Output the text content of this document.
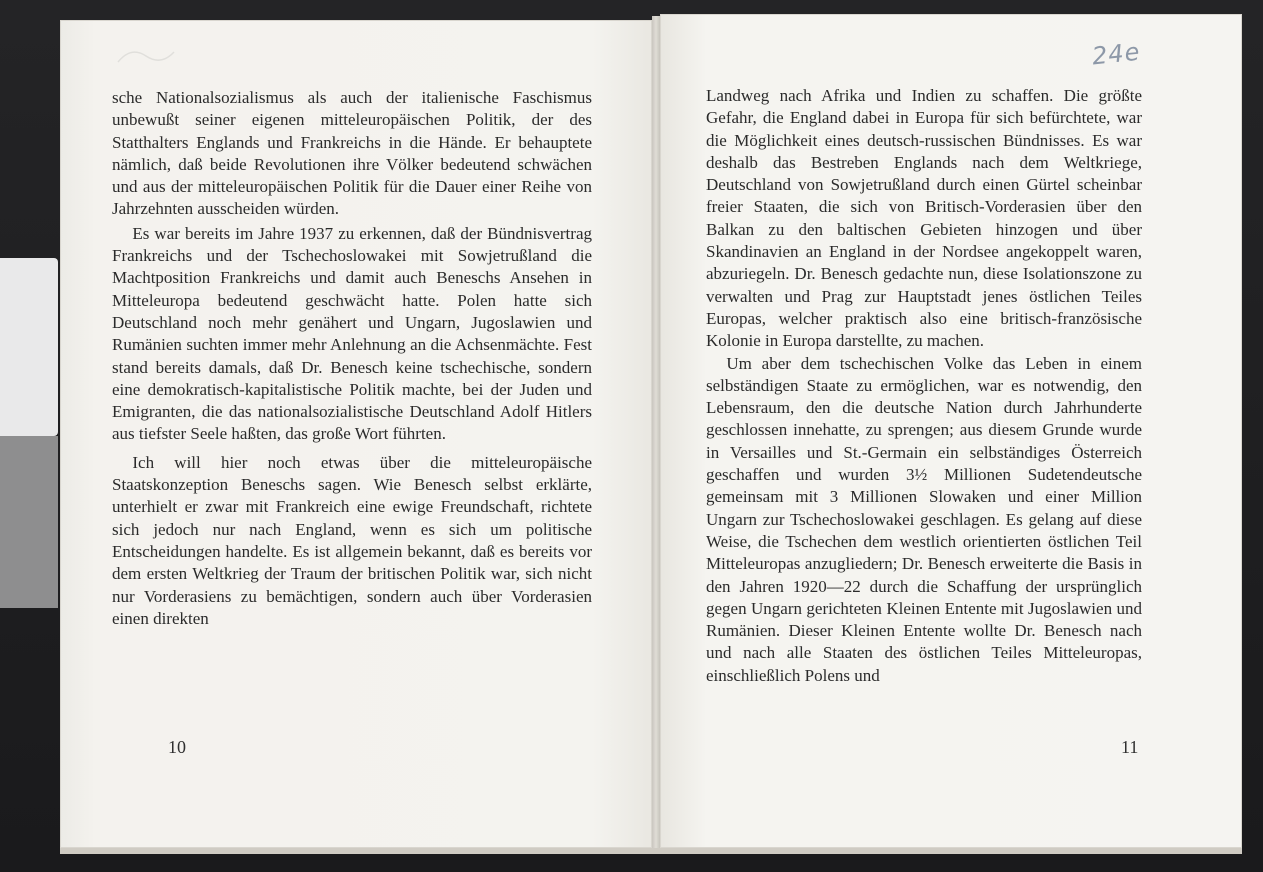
24e

sche Nationalsozialismus als auch der italienische Faschismus unbewußt seiner eigenen mitteleuropäischen Politik, der des Statthalters Englands und Frankreichs in die Hände. Er behauptete nämlich, daß beide Revolutionen ihre Völker bedeutend schwächen und aus der mitteleuropäischen Politik für die Dauer einer Reihe von Jahrzehnten ausscheiden würden.

Es war bereits im Jahre 1937 zu erkennen, daß der Bündnisvertrag Frankreichs und der Tschechoslowakei mit Sowjetrußland die Machtposition Frankreichs und damit auch Beneschs Ansehen in Mitteleuropa bedeutend geschwächt hatte. Polen hatte sich Deutschland noch mehr genähert und Ungarn, Jugoslawien und Rumänien suchten immer mehr Anlehnung an die Achsenmächte. Fest stand bereits damals, daß Dr. Benesch keine tschechische, sondern eine demokratisch-kapitalistische Politik machte, bei der Juden und Emigranten, die das nationalsozialistische Deutschland Adolf Hitlers aus tiefster Seele haßten, das große Wort führten.

Ich will hier noch etwas über die mitteleuropäische Staatskonzeption Beneschs sagen. Wie Benesch selbst erklärte, unterhielt er zwar mit Frankreich eine ewige Freundschaft, richtete sich jedoch nur nach England, wenn es sich um politische Entscheidungen handelte. Es ist allgemein bekannt, daß es bereits vor dem ersten Weltkrieg der Traum der britischen Politik war, sich nicht nur Vorderasiens zu bemächtigen, sondern auch über Vorderasien einen direkten

Landweg nach Afrika und Indien zu schaffen. Die größte Gefahr, die England dabei in Europa für sich befürchtete, war die Möglichkeit eines deutsch-russischen Bündnisses. Es war deshalb das Bestreben Englands nach dem Weltkriege, Deutschland von Sowjetrußland durch einen Gürtel scheinbar freier Staaten, die sich von Britisch-Vorderasien über den Balkan zu den baltischen Gebieten hinzogen und über Skandinavien an England in der Nordsee angekoppelt waren, abzuriegeln. Dr. Benesch gedachte nun, diese Isolationszone zu verwalten und Prag zur Hauptstadt jenes östlichen Teiles Europas, welcher praktisch also eine britisch-französische Kolonie in Europa darstellte, zu machen.

Um aber dem tschechischen Volke das Leben in einem selbständigen Staate zu ermöglichen, war es notwendig, den Lebensraum, den die deutsche Nation durch Jahrhunderte geschlossen innehatte, zu sprengen; aus diesem Grunde wurde in Versailles und St.-Germain ein selbständiges Österreich geschaffen und wurden 3½ Millionen Sudetendeutsche gemeinsam mit 3 Millionen Slowaken und einer Million Ungarn zur Tschechoslowakei geschlagen. Es gelang auf diese Weise, die Tschechen dem westlich orientierten östlichen Teil Mitteleuropas anzugliedern; Dr. Benesch erweiterte die Basis in den Jahren 1920—22 durch die Schaffung der ursprünglich gegen Ungarn gerichteten Kleinen Entente mit Jugoslawien und Rumänien. Dieser Kleinen Entente wollte Dr. Benesch nach und nach alle Staaten des östlichen Teiles Mitteleuropas, einschließlich Polens und

10	11
